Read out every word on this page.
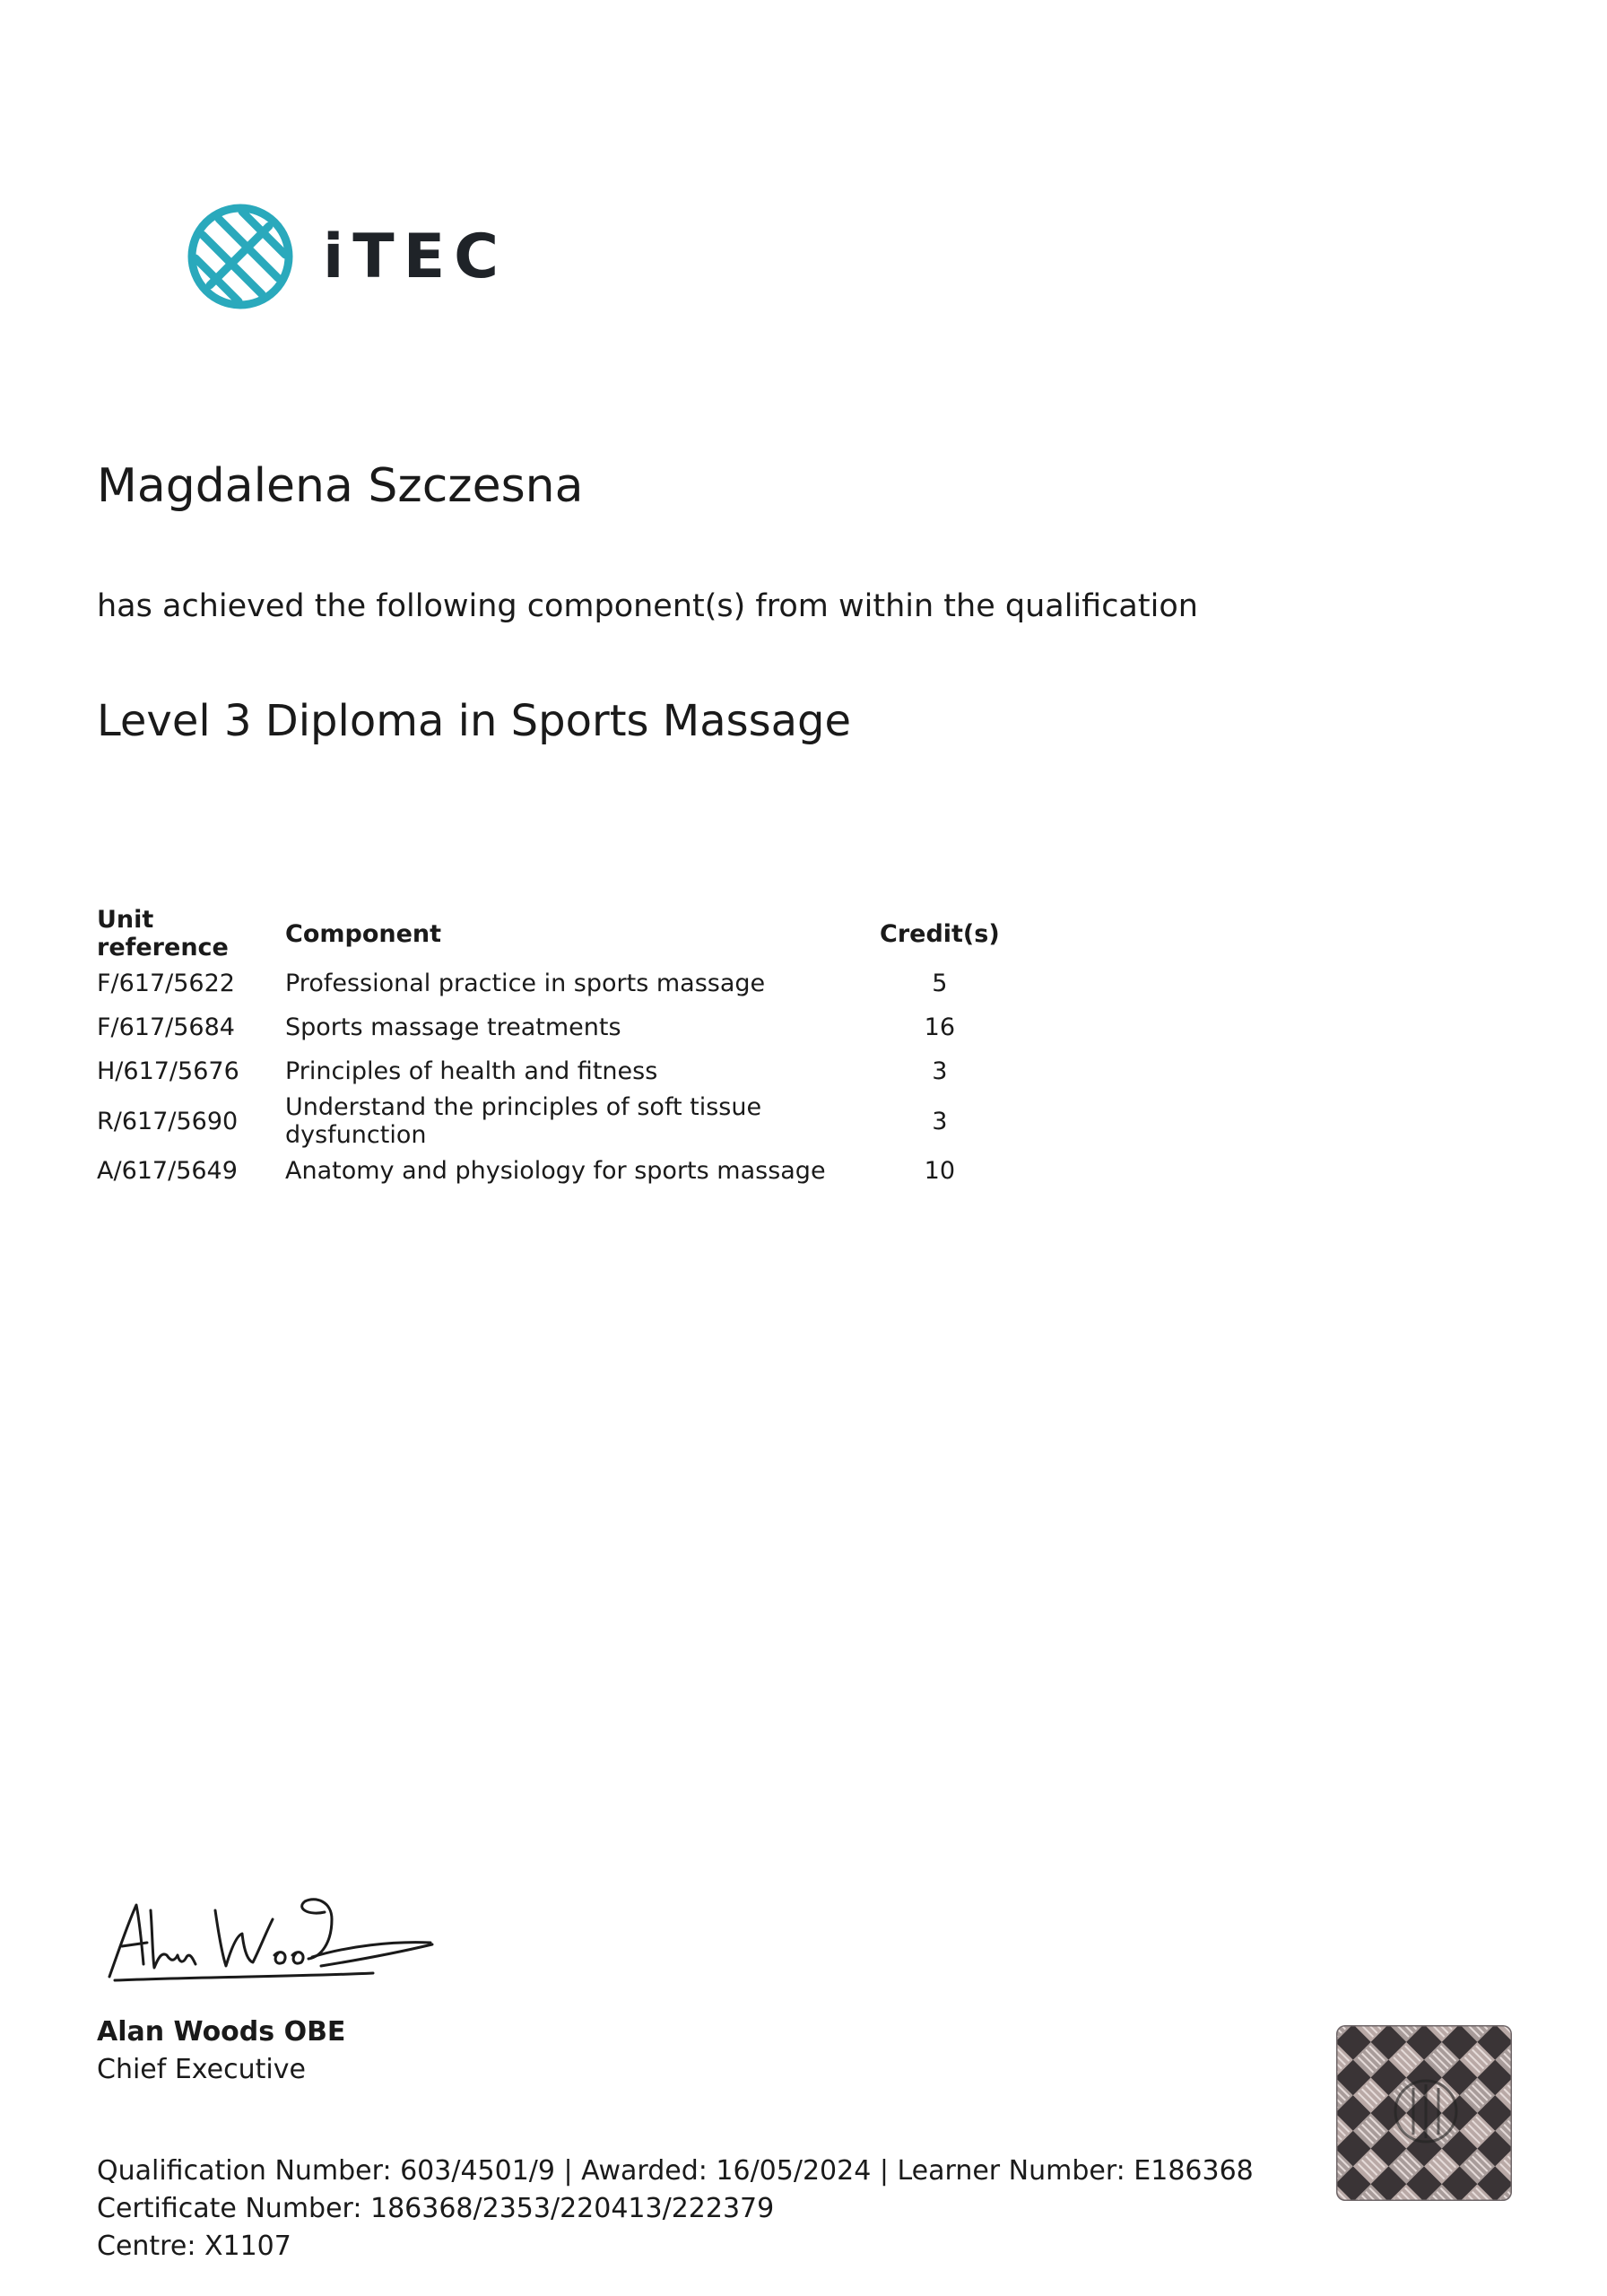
iTEC
Magdalena Szczesna
has achieved the following component(s) from within the qualification
Level 3 Diploma in Sports Massage
Unit reference	Component	Credit(s)
F/617/5622	Professional practice in sports massage	5
F/617/5684	Sports massage treatments	16
H/617/5676	Principles of health and fitness	3
R/617/5690	Understand the principles of soft tissue dysfunction	3
A/617/5649	Anatomy and physiology for sports massage	10
Alan Woods OBE
Chief Executive
Qualification Number: 603/4501/9 | Awarded: 16/05/2024 | Learner Number: E186368
Certificate Number: 186368/2353/220413/222379
Centre: X1107
